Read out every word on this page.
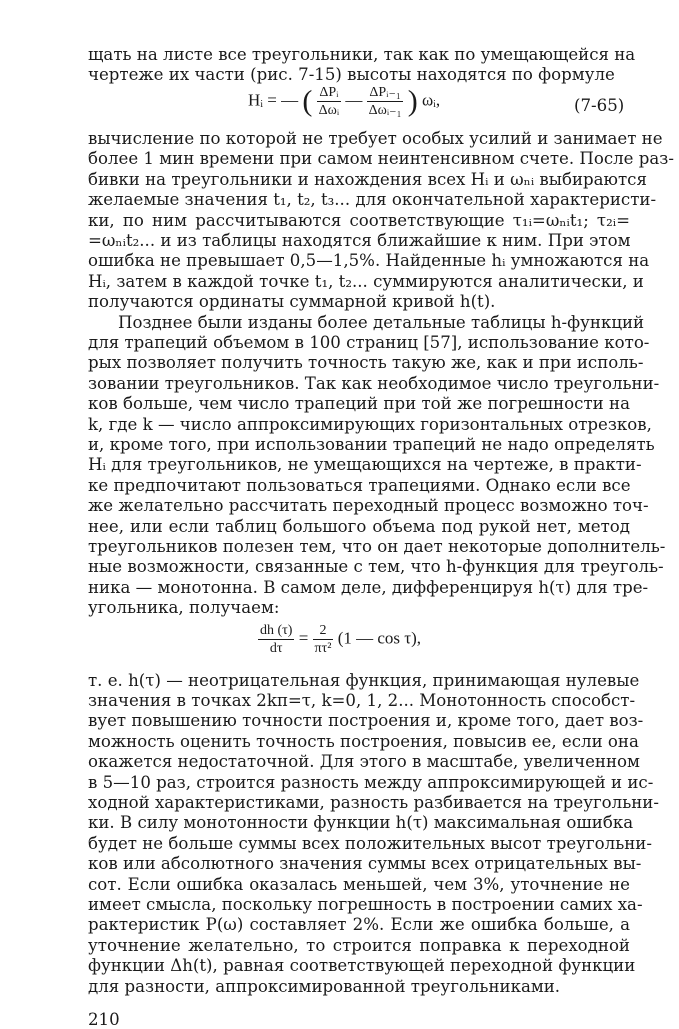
щать на листе все треугольники, так как по умещающейся на
чертеже их части (рис. 7-15) высоты находятся по формуле
Hᵢ = — ( $\frac{\text{ΔPᵢ}}{\text{Δωᵢ}}$ — $\frac{\text{ΔPᵢ₋₁}}{\text{Δωᵢ₋₁}}$ ) ωᵢ,	(7-65)
вычисление по которой не требует особых усилий и занимает не
более 1 мин времени при самом неинтенсивном счете. После раз-
бивки на треугольники и нахождения всех Hᵢ и ωₙᵢ выбираются
желаемые значения t₁, t₂, t₃... для окончательной характеристи-
ки, по ним рассчитываются соответствующие τ₁ᵢ=ωₙᵢt₁; τ₂ᵢ=
=ωₙᵢt₂... и из таблицы находятся ближайшие к ним. При этом
ошибка не превышает 0,5—1,5%. Найденные hᵢ умножаются на
Hᵢ, затем в каждой точке t₁, t₂... суммируются аналитически, и
получаются ординаты суммарной кривой h(t).
Позднее были изданы более детальные таблицы h-функций
для трапеций объемом в 100 страниц [57], использование кото-
рых позволяет получить точность такую же, как и при исполь-
зовании треугольников. Так как необходимое число треугольни-
ков больше, чем число трапеций при той же погрешности на
k, где k — число аппроксимирующих горизонтальных отрезков,
и, кроме того, при использовании трапеций не надо определять
Hᵢ для треугольников, не умещающихся на чертеже, в практи-
ке предпочитают пользоваться трапециями. Однако если все
же желательно рассчитать переходный процесс возможно точ-
нее, или если таблиц большого объема под рукой нет, метод
треугольников полезен тем, что он дает некоторые дополнитель-
ные возможности, связанные с тем, что h-функция для треуголь-
ника — монотонна. В самом деле, дифференцируя h(τ) для тре-
угольника, получаем:
$\frac{dh (\tau)}{d\tau} = \frac{2}{\text{πτ²}} (1$ — cos τ),
т. е. h(τ) — неотрицательная функция, принимающая нулевые
значения в точках 2kπ=τ, k=0, 1, 2... Монотонность способст-
вует повышению точности построения и, кроме того, дает воз-
можность оценить точность построения, повысив ее, если она
окажется недостаточной. Для этого в масштабе, увеличенном
в 5—10 раз, строится разность между аппроксимирующей и ис-
ходной характеристиками, разность разбивается на треугольни-
ки. В силу монотонности функции h(τ) максимальная ошибка
будет не больше суммы всех положительных высот треугольни-
ков или абсолютного значения суммы всех отрицательных вы-
сот. Если ошибка оказалась меньшей, чем 3%, уточнение не
имеет смысла, поскольку погрешность в построении самих ха-
210
рактеристик P(ω) составляет 2%. Если же ошибка больше, а
уточнение желательно, то строится поправка к переходной
функции Δh(t), равная соответствующей переходной функции
для разности, аппроксимированной треугольниками.
